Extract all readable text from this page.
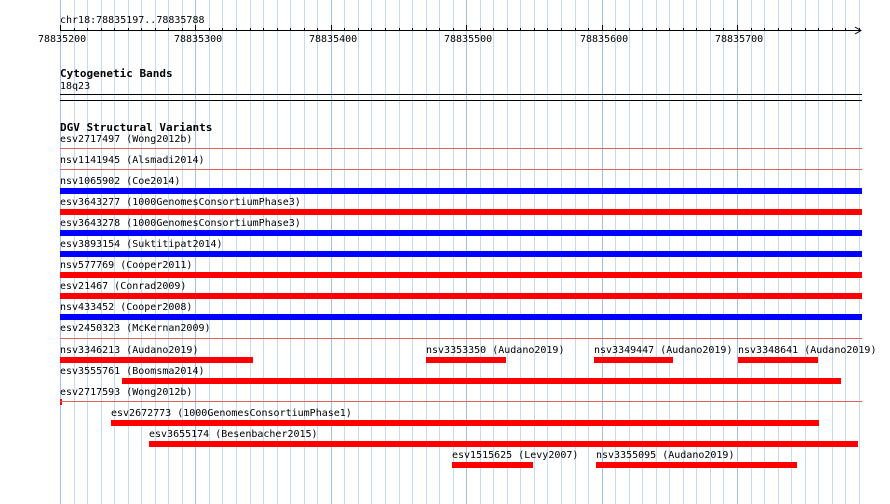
chr18:78835197..78835788
78835200	78835300	78835400	78835500	78835600	78835700
Cytogenetic Bands
18q23
DGV Structural Variants
esv2717497 (Wong2012b)
nsv1141945 (Alsmadi2014)
nsv1065902 (Coe2014)
esv3643277 (1000GenomesConsortiumPhase3)
esv3643278 (1000GenomesConsortiumPhase3)
esv3893154 (Suktitipat2014)
nsv577769 (Cooper2011)
esv21467 (Conrad2009)
nsv433452 (Cooper2008)
esv2450323 (McKernan2009)
nsv3346213 (Audano2019)	nsv3353350 (Audano2019)	nsv3349447 (Audano2019) nsv3348641 (Audano2019)
esv3555761 (Boomsma2014)
esv2717593 (Wong2012b)
esv2672773 (1000GenomesConsortiumPhase1)
esv3655174 (Besenbacher2015)
esv1515625 (Levy2007) nsv3355095 (Audano2019)
